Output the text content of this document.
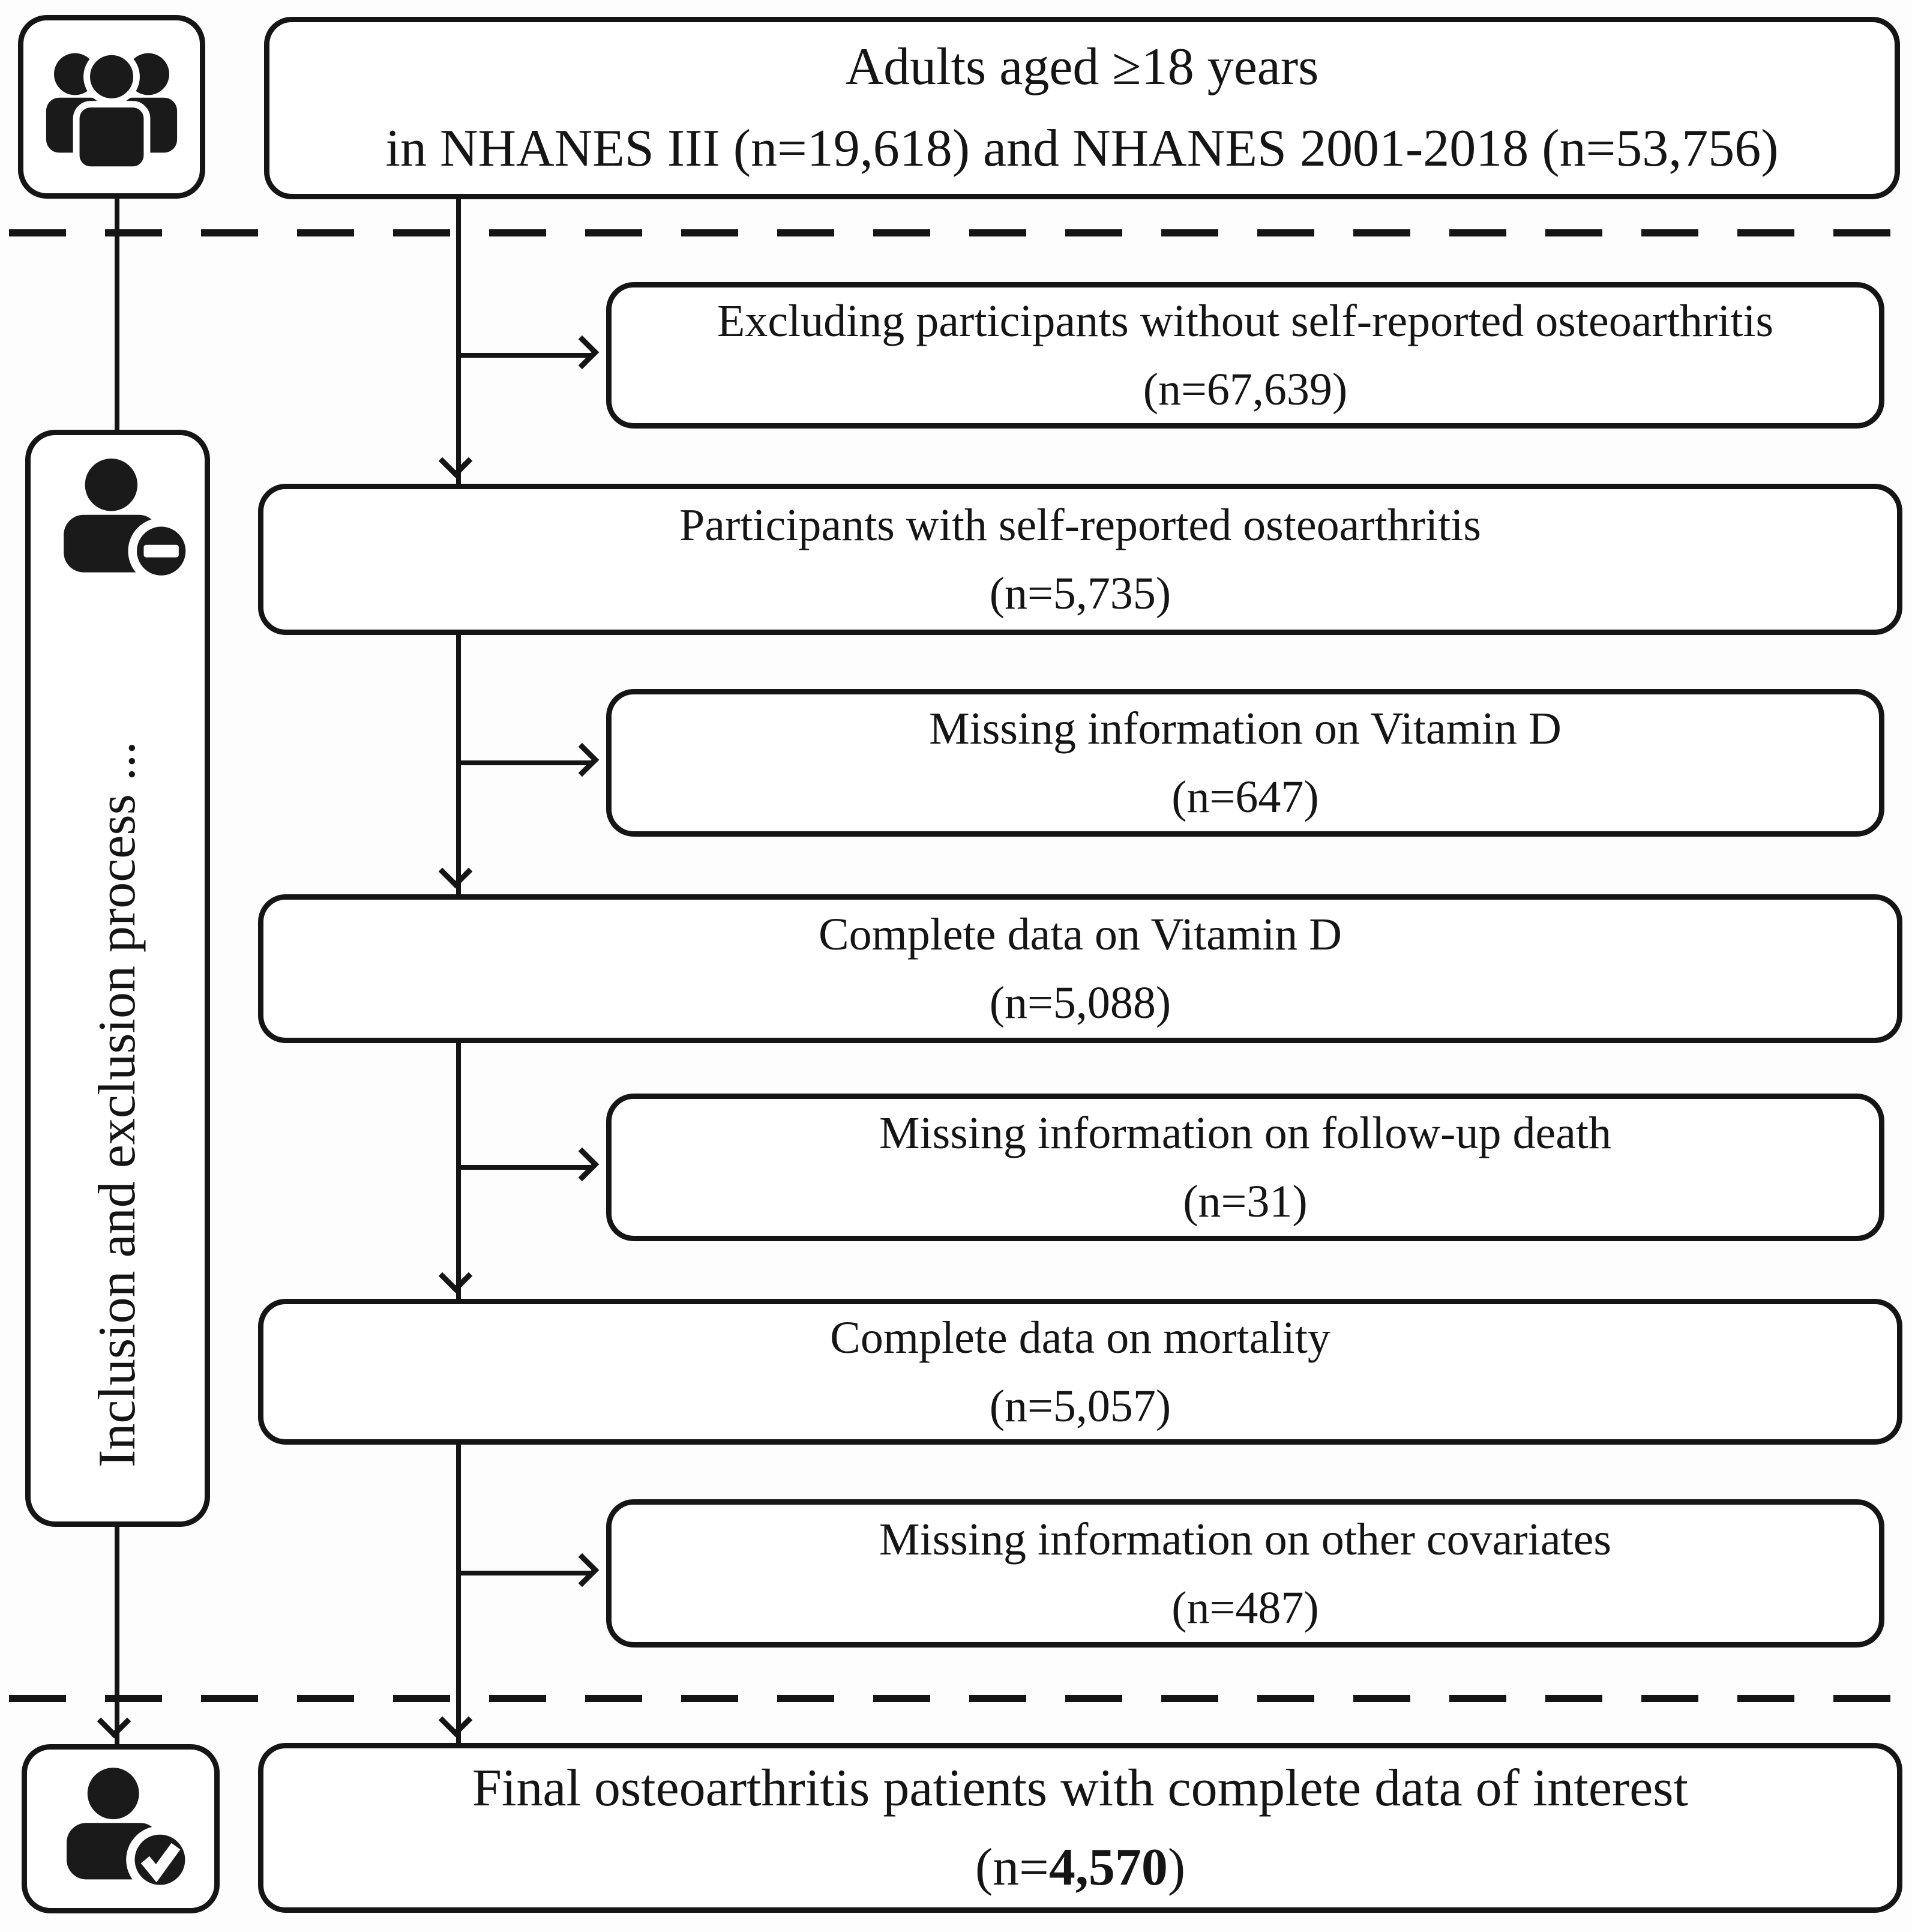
Adults aged ≥18 years
in NHANES III (n=19,618) and NHANES 2001-2018 (n=53,756)
Inclusion and exclusion process ...
Excluding participants without self-reported osteoarthritis
(n=67,639)
Missing information on Vitamin D
(n=647)
Missing information on follow-up death
(n=31)
Missing information on other covariates
(n=487)
Participants with self-reported osteoarthritis
(n=5,735)
Complete data on Vitamin D
(n=5,088)
Complete data on mortality
(n=5,057)
Final osteoarthritis patients with complete data of interest
(n=4,570)
